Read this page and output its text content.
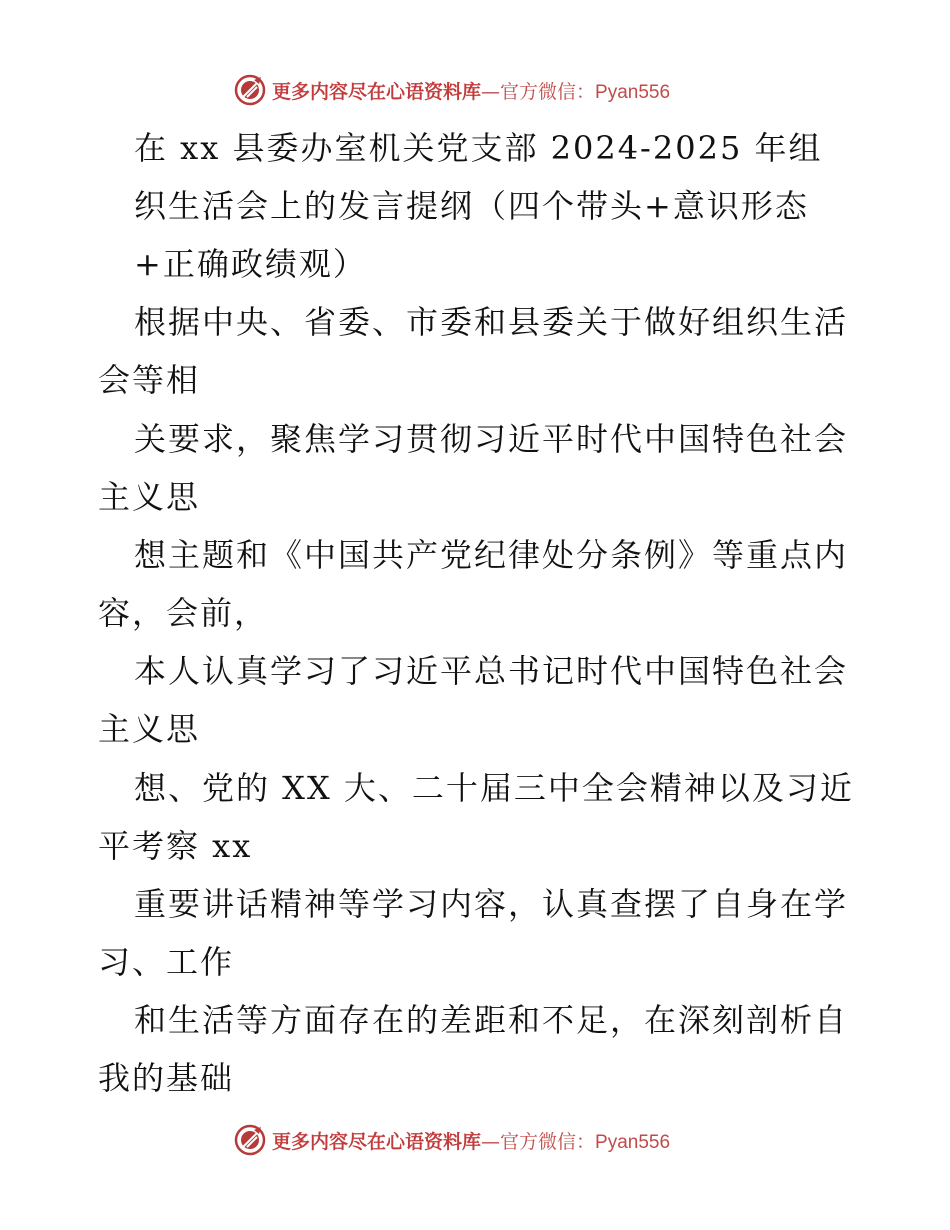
更多内容尽在心语资料库—官方微信：Pyan556
在 xx 县委办室机关党支部 2024-2025 年组
织生活会上的发言提纲（四个带头+意识形态
+正确政绩观）
根据中央、省委、市委和县委关于做好组织生活
会等相
关要求，聚焦学习贯彻习近平时代中国特色社会
主义思
想主题和《中国共产党纪律处分条例》等重点内
容，会前，
本人认真学习了习近平总书记时代中国特色社会
主义思
想、党的 XX 大、二十届三中全会精神以及习近
平考察 xx
重要讲话精神等学习内容，认真查摆了自身在学
习、工作
和生活等方面存在的差距和不足，在深刻剖析自
我的基础
更多内容尽在心语资料库—官方微信：Pyan556
